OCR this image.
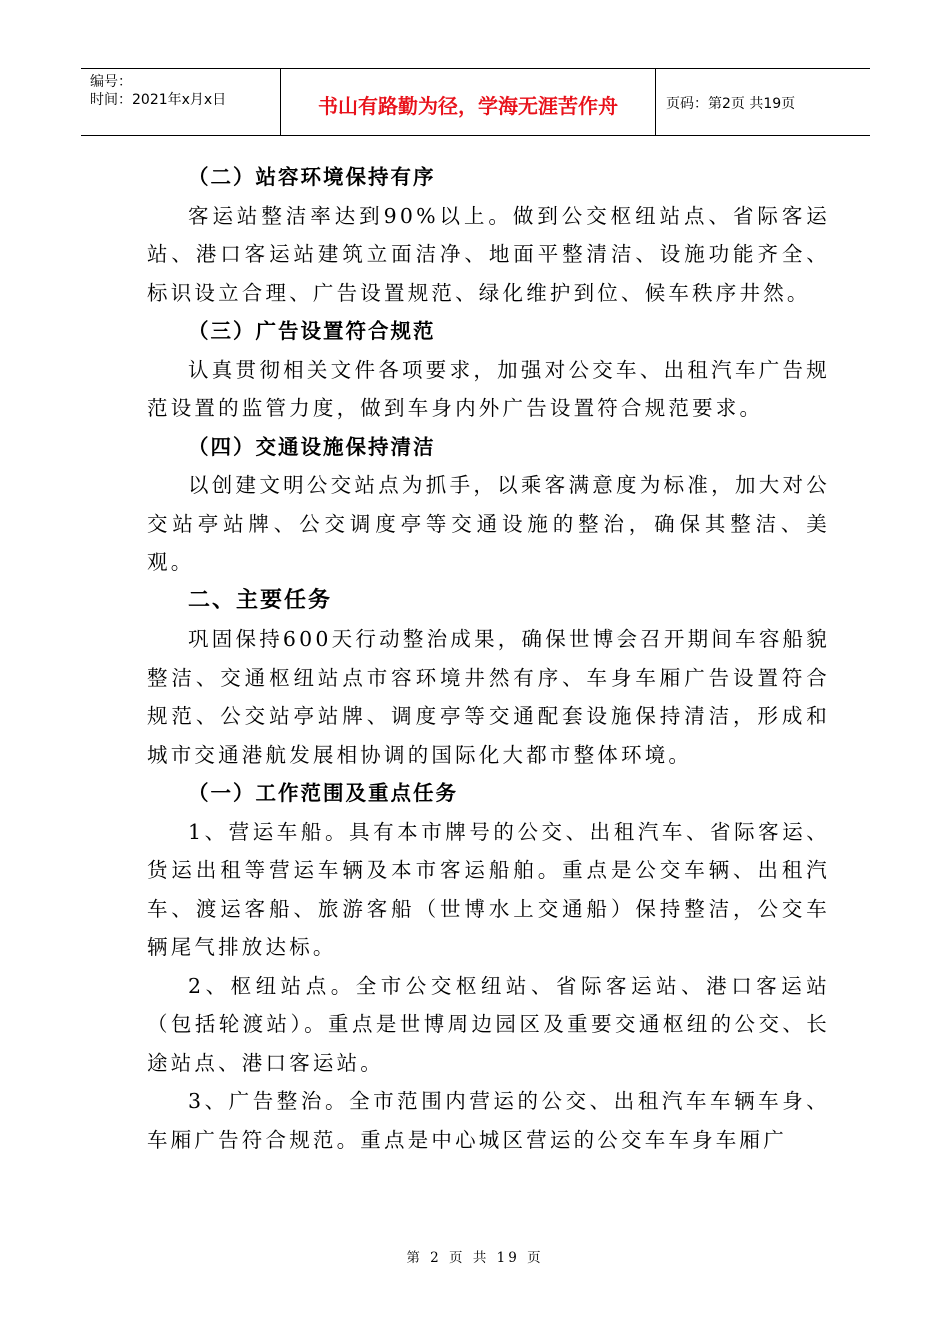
编号：
时间：2021年x月x日	书山有路勤为径，学海无涯苦作舟	页码：第2页 共19页
（二）站容环境保持有序

客运站整洁率达到90%以上。做到公交枢纽站点、省际客运站、港口客运站建筑立面洁净、地面平整清洁、设施功能齐全、标识设立合理、广告设置规范、绿化维护到位、候车秩序井然。

（三）广告设置符合规范

认真贯彻相关文件各项要求，加强对公交车、出租汽车广告规范设置的监管力度，做到车身内外广告设置符合规范要求。

（四）交通设施保持清洁

以创建文明公交站点为抓手，以乘客满意度为标准，加大对公交站亭站牌、公交调度亭等交通设施的整治，确保其整洁、美观。

二、主要任务

巩固保持600天行动整治成果，确保世博会召开期间车容船貌整洁、交通枢纽站点市容环境井然有序、车身车厢广告设置符合规范、公交站亭站牌、调度亭等交通配套设施保持清洁，形成和城市交通港航发展相协调的国际化大都市整体环境。

（一）工作范围及重点任务

1、营运车船。具有本市牌号的公交、出租汽车、省际客运、货运出租等营运车辆及本市客运船舶。重点是公交车辆、出租汽车、渡运客船、旅游客船（世博水上交通船）保持整洁，公交车辆尾气排放达标。

2、枢纽站点。全市公交枢纽站、省际客运站、港口客运站（包括轮渡站）。重点是世博周边园区及重要交通枢纽的公交、长途站点、港口客运站。

3、广告整治。全市范围内营运的公交、出租汽车车辆车身、车厢广告符合规范。重点是中心城区营运的公交车车身车厢广

第 2 页 共 19 页
